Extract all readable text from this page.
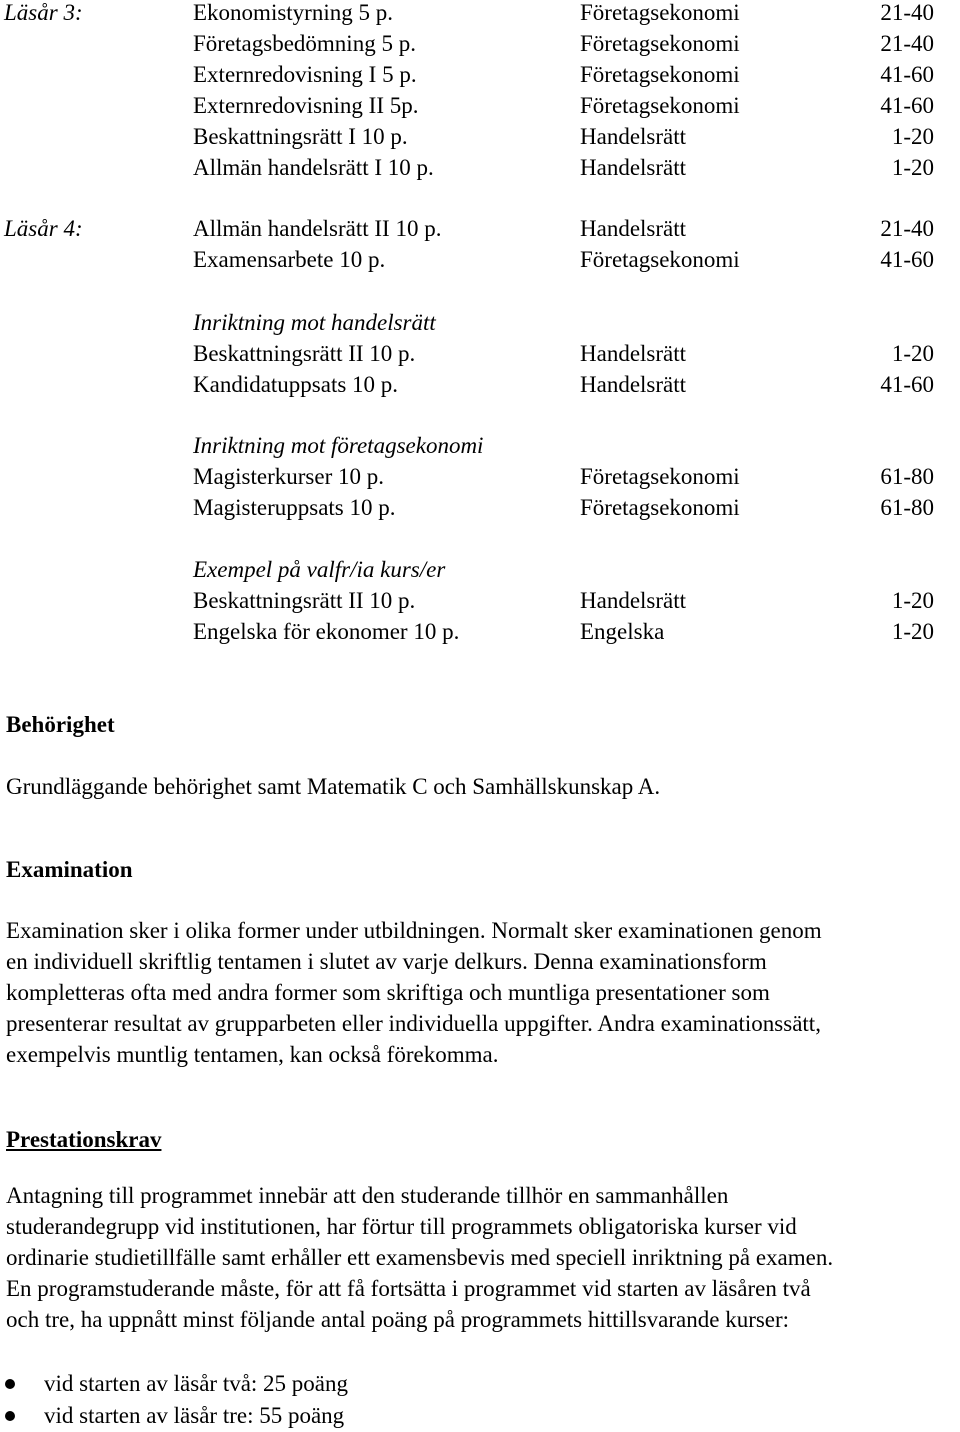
Läsår 3:	Ekonomistyrning 5 p.	Företagsekonomi	21-40
Företagsbedömning 5 p.	Företagsekonomi	21-40
Externredovisning I 5 p.	Företagsekonomi	41-60
Externredovisning II 5p.	Företagsekonomi	41-60
Beskattningsrätt I 10 p.	Handelsrätt	1-20
Allmän handelsrätt I 10 p.	Handelsrätt	1-20
Läsår 4:	Allmän handelsrätt II 10 p.	Handelsrätt	21-40
Examensarbete 10 p.	Företagsekonomi	41-60
Inriktning mot handelsrätt
Beskattningsrätt II 10 p.	Handelsrätt	1-20
Kandidatuppsats 10 p.	Handelsrätt	41-60
Inriktning mot företagsekonomi
Magisterkurser 10 p.	Företagsekonomi	61-80
Magisteruppsats 10 p.	Företagsekonomi	61-80
Exempel på valfr/ia kurs/er
Beskattningsrätt II 10 p.	Handelsrätt	1-20
Engelska för ekonomer 10 p.	Engelska	1-20
Behörighet
Grundläggande behörighet samt Matematik C och Samhällskunskap A.
Examination
Examination sker i olika former under utbildningen. Normalt sker examinationen genom
en individuell skriftlig tentamen i slutet av varje delkurs. Denna examinationsform
kompletteras ofta med andra former som skriftiga och muntliga presentationer som
presenterar resultat av grupparbeten eller individuella uppgifter. Andra examinationssätt,
exempelvis muntlig tentamen, kan också förekomma.
Prestationskrav
Antagning till programmet innebär att den studerande tillhör en sammanhållen
studerandegrupp vid institutionen, har förtur till programmets obligatoriska kurser vid
ordinarie studietillfälle samt erhåller ett examensbevis med speciell inriktning på examen.
En programstuderande måste, för att få fortsätta i programmet vid starten av läsåren två
och tre, ha uppnått minst följande antal poäng på programmets hittillsvarande kurser:
vid starten av läsår två: 25 poäng
vid starten av läsår tre: 55 poäng
